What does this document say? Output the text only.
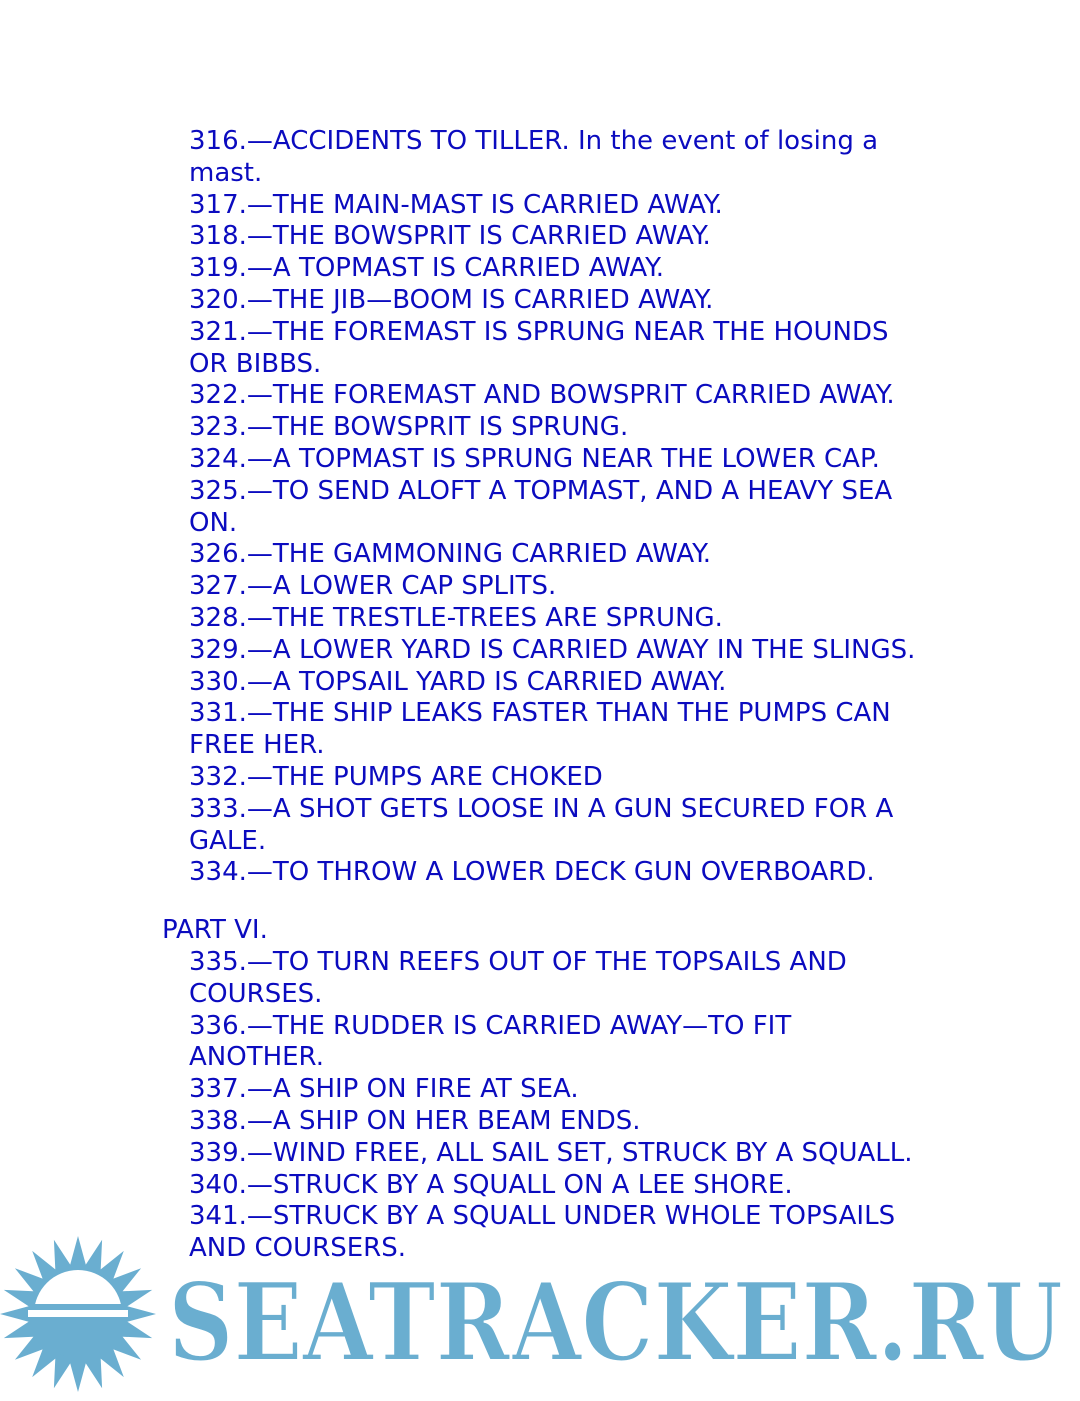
316.—ACCIDENTS TO TILLER. In the event of losing a mast.
317.—THE MAIN-MAST IS CARRIED AWAY.
318.—THE BOWSPRIT IS CARRIED AWAY.
319.—A TOPMAST IS CARRIED AWAY.
320.—THE JIB—BOOM IS CARRIED AWAY.
321.—THE FOREMAST IS SPRUNG NEAR THE HOUNDS OR BIBBS.
322.—THE FOREMAST AND BOWSPRIT CARRIED AWAY.
323.—THE BOWSPRIT IS SPRUNG.
324.—A TOPMAST IS SPRUNG NEAR THE LOWER CAP.
325.—TO SEND ALOFT A TOPMAST, AND A HEAVY SEA ON.
326.—THE GAMMONING CARRIED AWAY.
327.—A LOWER CAP SPLITS.
328.—THE TRESTLE-TREES ARE SPRUNG.
329.—A LOWER YARD IS CARRIED AWAY IN THE SLINGS.
330.—A TOPSAIL YARD IS CARRIED AWAY.
331.—THE SHIP LEAKS FASTER THAN THE PUMPS CAN FREE HER.
332.—THE PUMPS ARE CHOKED
333.—A SHOT GETS LOOSE IN A GUN SECURED FOR A GALE.
334.—TO THROW A LOWER DECK GUN OVERBOARD.
PART VI.
335.—TO TURN REEFS OUT OF THE TOPSAILS AND COURSES.
336.—THE RUDDER IS CARRIED AWAY—TO FIT ANOTHER.
337.—A SHIP ON FIRE AT SEA.
338.—A SHIP ON HER BEAM ENDS.
339.—WIND FREE, ALL SAIL SET, STRUCK BY A SQUALL.
340.—STRUCK BY A SQUALL ON A LEE SHORE.
341.—STRUCK BY A SQUALL UNDER WHOLE TOPSAILS AND COURSERS.
SEATRACKER.RU
